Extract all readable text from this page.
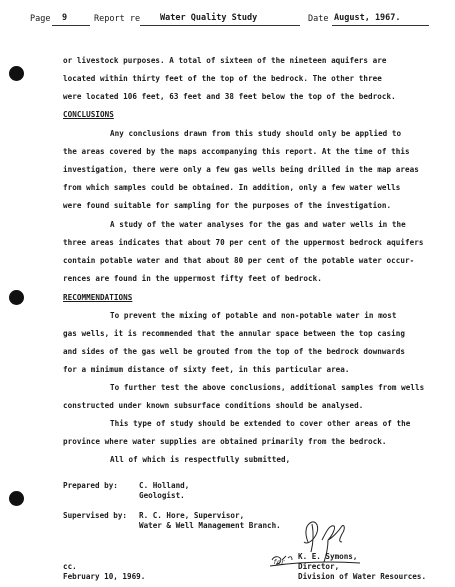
Page 9	Report re Water Quality Study	Date August, 1967.
or livestock purposes. A total of sixteen of the nineteen aquifers are
located within thirty feet of the top of the bedrock. The other three
were located 106 feet, 63 feet and 38 feet below the top of the bedrock.
CONCLUSIONS
Any conclusions drawn from this study should only be applied to
the areas covered by the maps accompanying this report. At the time of this
investigation, there were only a few gas wells being drilled in the map areas
from which samples could be obtained. In addition, only a few water wells
were found suitable for sampling for the purposes of the investigation.
A study of the water analyses for the gas and water wells in the
three areas indicates that about 70 per cent of the uppermost bedrock aquifers
contain potable water and that about 80 per cent of the potable water occur-
rences are found in the uppermost fifty feet of bedrock.
RECOMMENDATIONS
To prevent the mixing of potable and non-potable water in most
gas wells, it is recommended that the annular space between the top casing
and sides of the gas well be grouted from the top of the bedrock downwards
for a minimum distance of sixty feet, in this particular area.
To further test the above conclusions, additional samples from wells
constructed under known subsurface conditions should be analysed.
This type of study should be extended to cover other areas of the
province where water supplies are obtained primarily from the bedrock.
All of which is respectfully submitted,
Prepared by:	C. Holland,
Geologist.
Supervised by: R. C. Hore, Supervisor,
Water & Well Management Branch.
for
K. E. Symons,
Director,
Division of Water Resources.
cc.
February 10, 1969.
